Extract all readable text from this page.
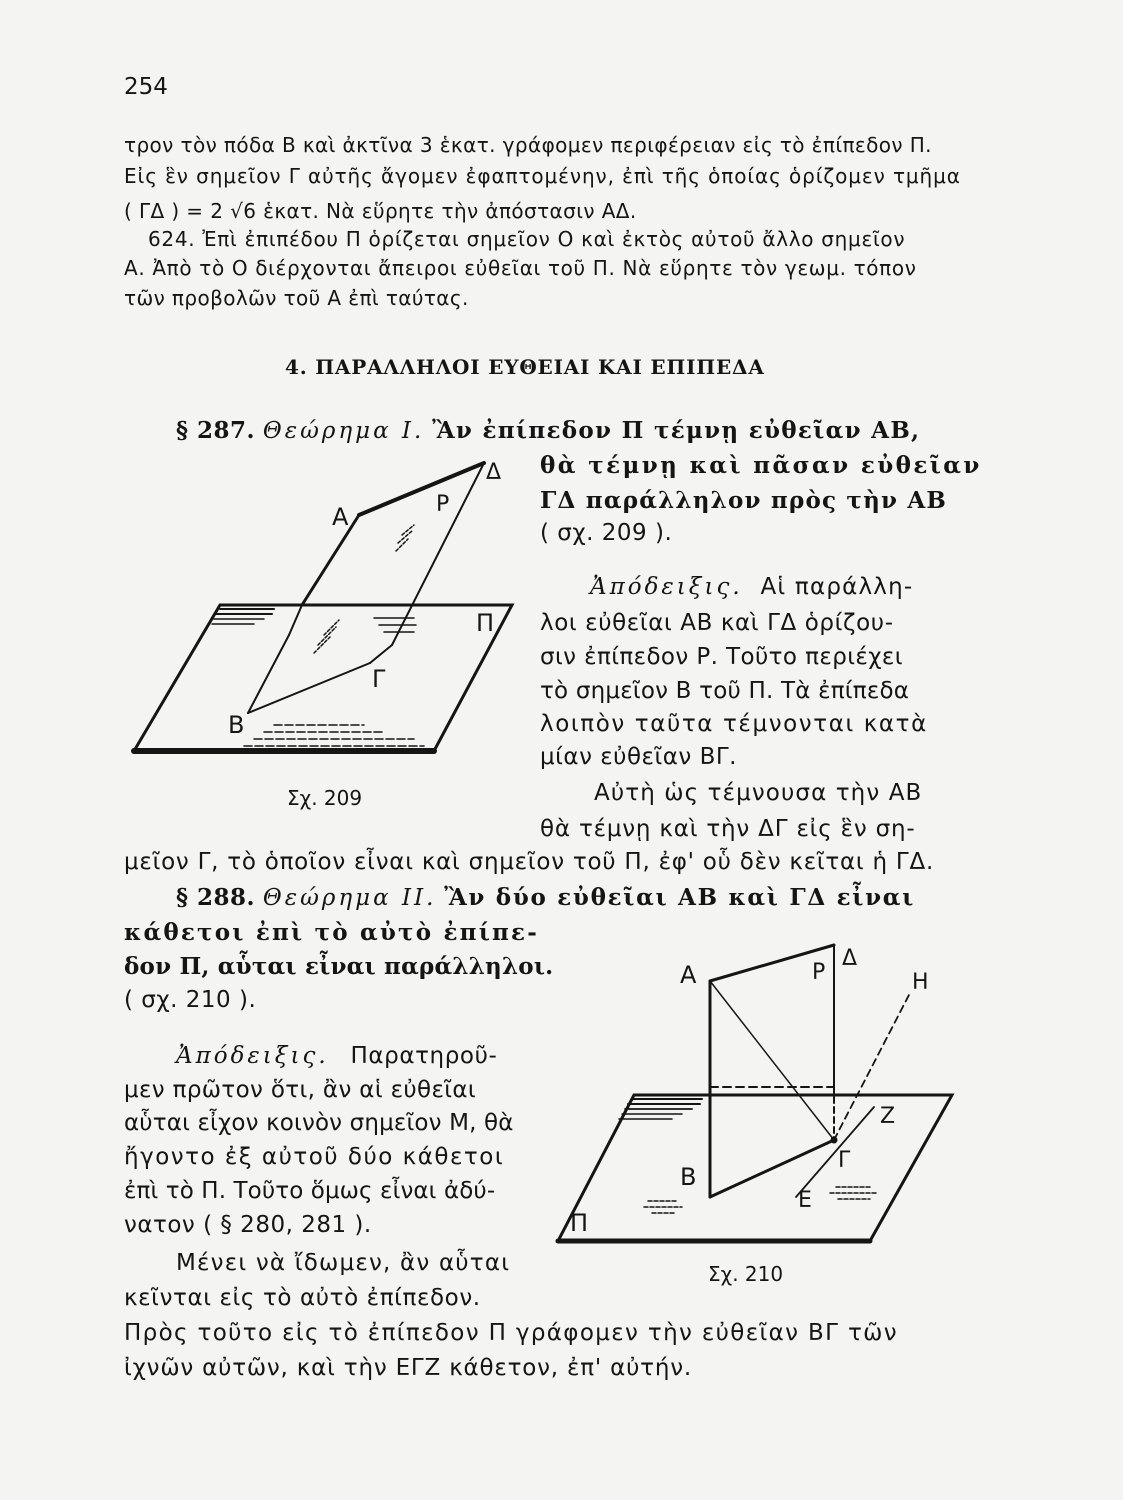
254
τρον τὸν πόδα Β καὶ ἀκτῖνα 3 ἑκατ. γράφομεν περιφέρειαν εἰς τὸ ἐπίπεδον Π.
Εἰς ἓν σημεῖον Γ αὐτῆς ἄγομεν ἐφαπτομένην, ἐπὶ τῆς ὁποίας ὁρίζομεν τμῆμα
( ΓΔ ) = 2 √6 ἑκατ. Νὰ εὕρητε τὴν ἀπόστασιν ΑΔ.
624. Ἐπὶ ἐπιπέδου Π ὁρίζεται σημεῖον Ο καὶ ἐκτὸς αὐτοῦ ἄλλο σημεῖον
Α. Ἀπὸ τὸ Ο διέρχονται ἄπειροι εὐθεῖαι τοῦ Π. Νὰ εὕρητε τὸν γεωμ. τόπον
τῶν προβολῶν τοῦ Α ἐπὶ ταύτας.
4. ΠΑΡΑΛΛΗΛΟΙ ΕΥΘΕΙΑΙ ΚΑΙ ΕΠΙΠΕΔΑ
§ 287. Θεώρημα Ι. Ἂν ἐπίπεδον Π τέμνῃ εὐθεῖαν ΑΒ,
θὰ τέμνῃ καὶ πᾶσαν εὐθεῖαν
ΓΔ παράλληλον πρὸς τὴν ΑΒ
( σχ. 209 ).
Ἀπόδειξις. Αἱ παράλλη-
λοι εὐθεῖαι ΑΒ καὶ ΓΔ ὁρίζου-
σιν ἐπίπεδον Ρ. Τοῦτο περιέχει
τὸ σημεῖον Β τοῦ Π. Τὰ ἐπίπεδα
λοιπὸν ταῦτα τέμνονται κατὰ
μίαν εὐθεῖαν ΒΓ.
Αὐτὴ ὡς τέμνουσα τὴν ΑΒ
θὰ τέμνῃ καὶ τὴν ΔΓ εἰς ἓν ση-
μεῖον Γ, τὸ ὁποῖον εἶναι καὶ σημεῖον τοῦ Π, ἐφ' οὗ δὲν κεῖται ἡ ΓΔ.
Δ
Ρ
Α
Π
Γ
Β
Σχ. 209
§ 288. Θεώρημα ΙΙ. Ἂν δύο εὐθεῖαι ΑΒ καὶ ΓΔ εἶναι
κάθετοι ἐπὶ τὸ αὐτὸ ἐπίπε-
δον Π, αὗται εἶναι παράλληλοι.
( σχ. 210 ).
Ἀπόδειξις. Παρατηροῦ-
μεν πρῶτον ὅτι, ἂν αἱ εὐθεῖαι
αὗται εἶχον κοινὸν σημεῖον Μ, θὰ
ἤγοντο ἐξ αὐτοῦ δύο κάθετοι
ἐπὶ τὸ Π. Τοῦτο ὅμως εἶναι ἀδύ-
νατον ( § 280, 281 ).
Μένει νὰ ἴδωμεν, ἂν αὗται
κεῖνται εἰς τὸ αὐτὸ ἐπίπεδον.
Πρὸς τοῦτο εἰς τὸ ἐπίπεδον Π γράφομεν τὴν εὐθεῖαν ΒΓ τῶν
ἰχνῶν αὐτῶν, καὶ τὴν ΕΓΖ κάθετον, ἐπ' αὐτήν.
Α	Ρ
Δ
Η
Ζ
Γ
Β
Ε
Π
Σχ. 210
